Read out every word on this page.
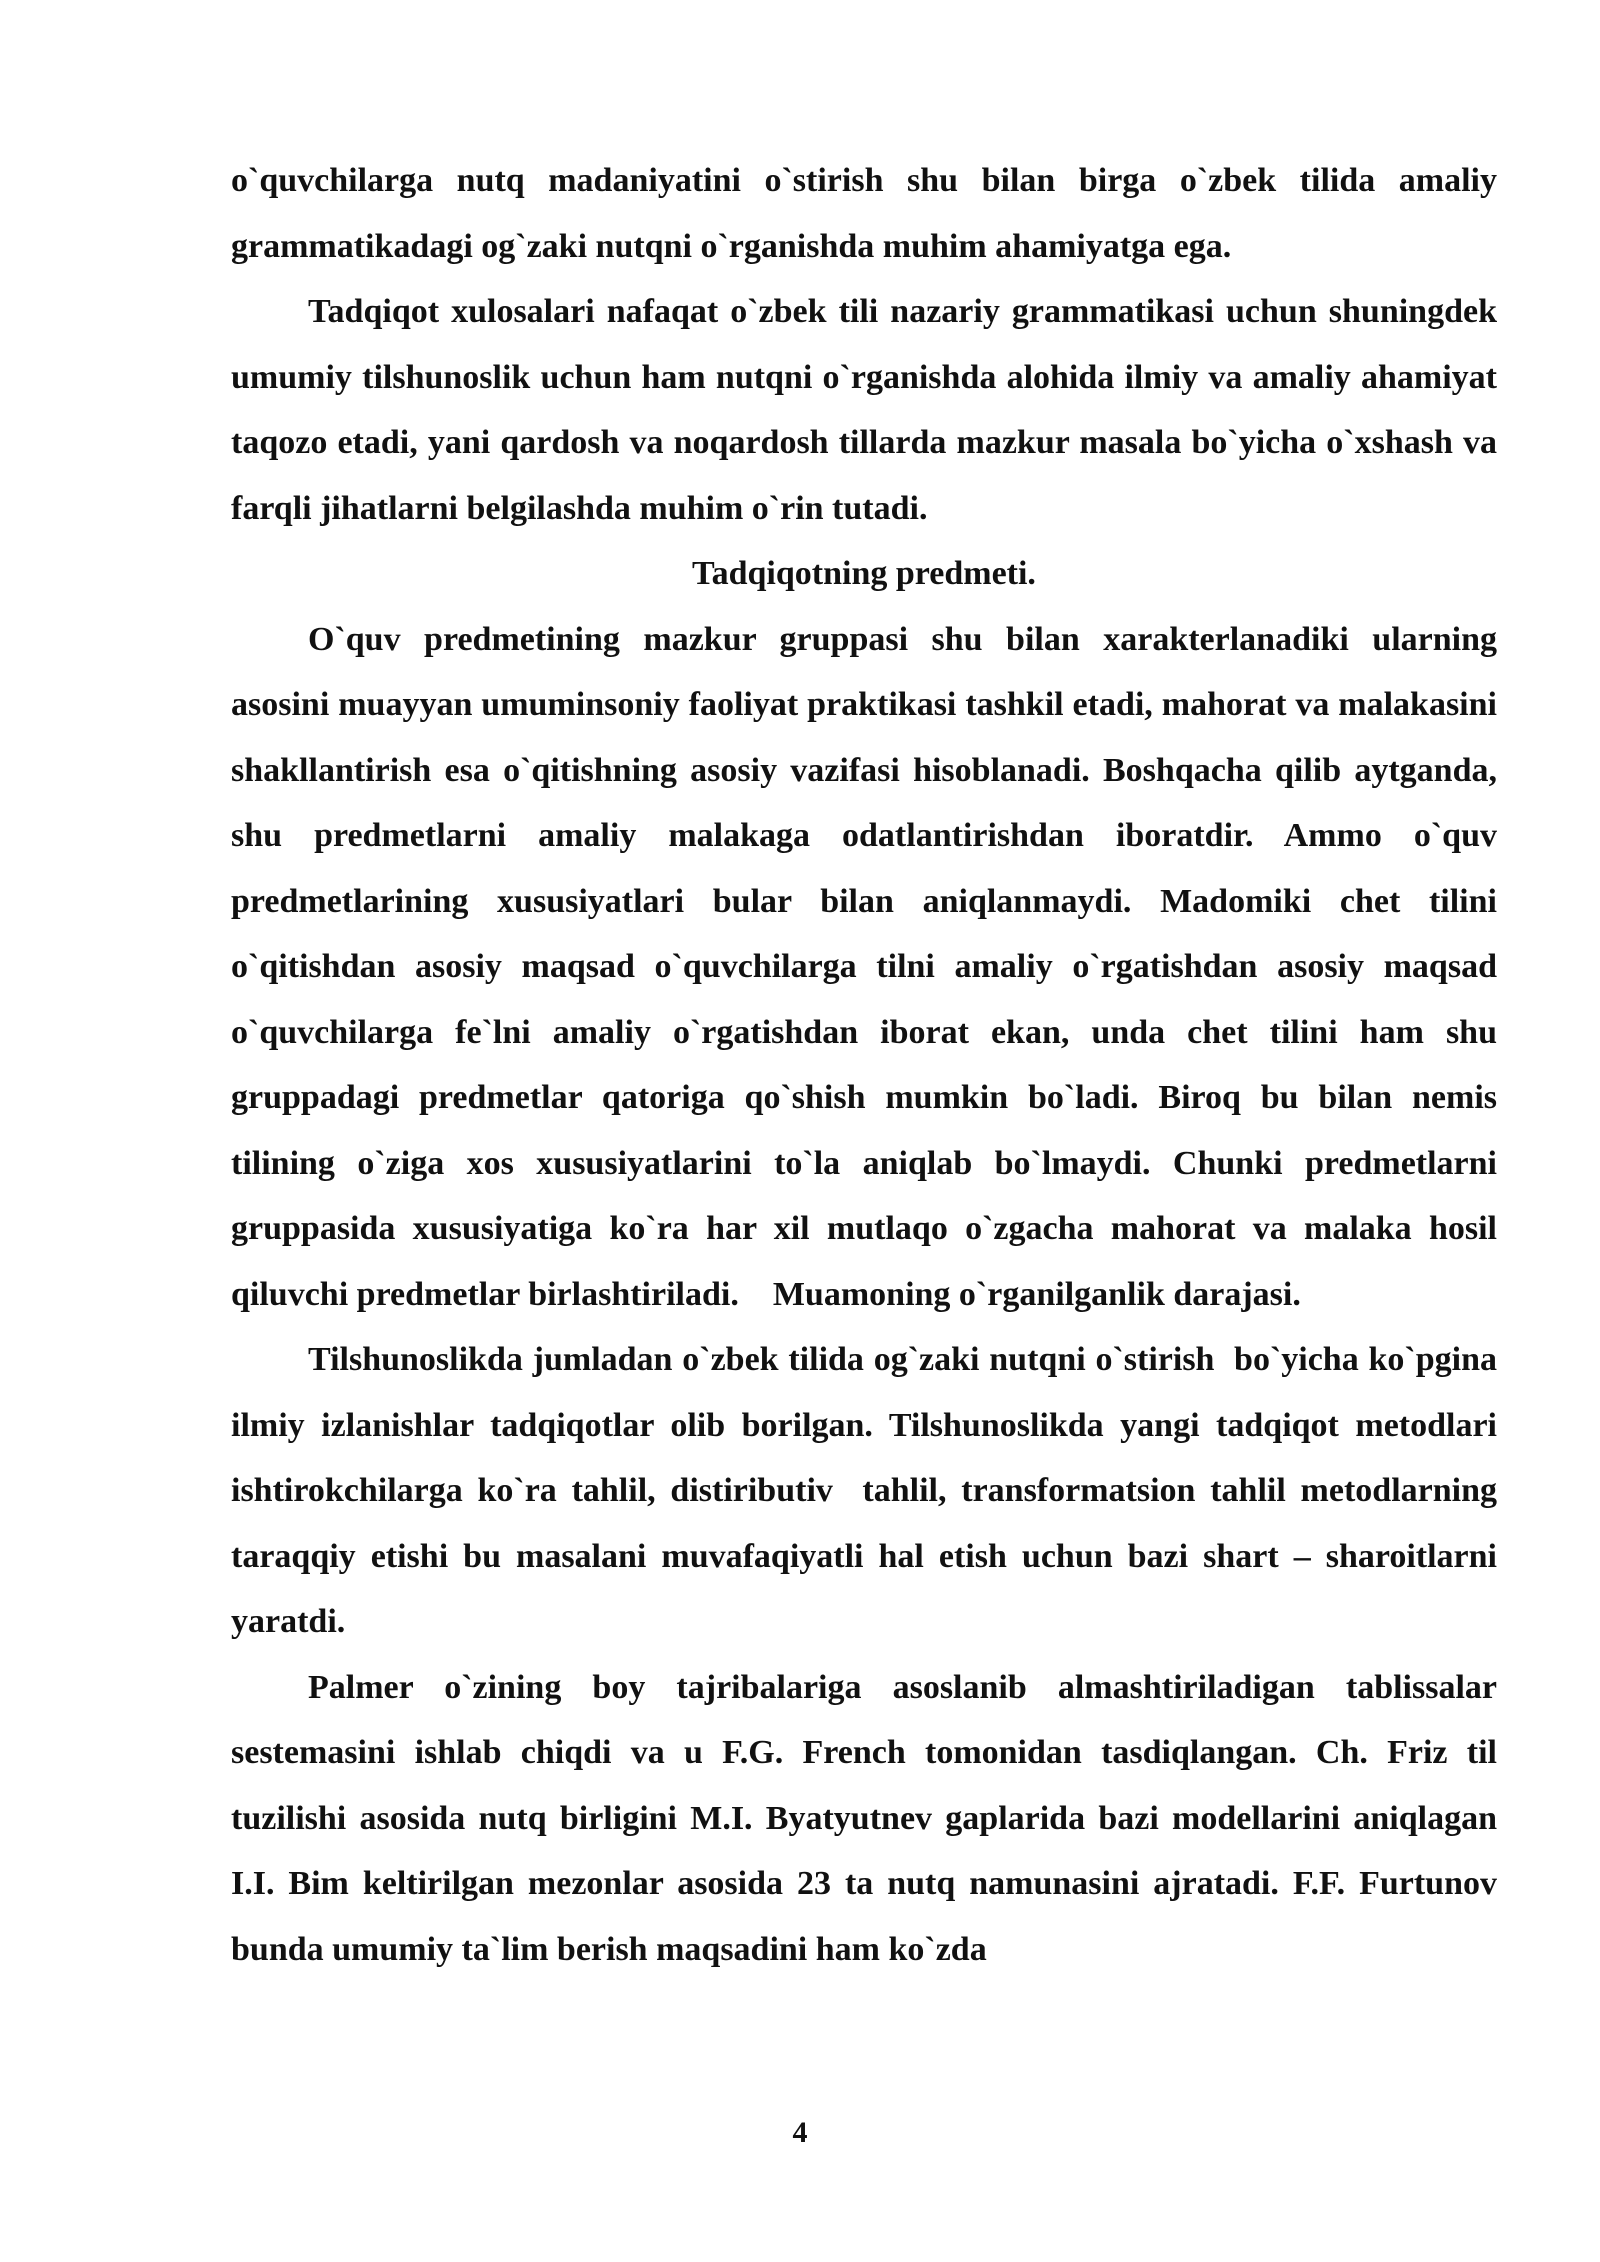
o`quvchilarga nutq madaniyatini o`stirish shu bilan birga o`zbek tilida amaliy grammatikadagi og`zaki nutqni o`rganishda muhim ahamiyatga ega.

Tadqiqot xulosalari nafaqat o`zbek tili nazariy grammatikasi uchun shuningdek umumiy tilshunoslik uchun ham nutqni o`rganishda alohida ilmiy va amaliy ahamiyat taqozo etadi, yani qardosh va noqardosh tillarda mazkur masala bo`yicha o`xshash va farqli jihatlarni belgilashda muhim o`rin tutadi.

Tadqiqotning predmeti.

O`quv predmetining mazkur gruppasi shu bilan xarakterlanadiki ularning asosini muayyan umuminsoniy faoliyat praktikasi tashkil etadi, mahorat va malakasini shakllantirish esa o`qitishning asosiy vazifasi hisoblanadi. Boshqacha qilib aytganda, shu predmetlarni amaliy malakaga odatlantirishdan iboratdir. Ammo o`quv predmetlarining xususiyatlari bular bilan aniqlanmaydi. Madomiki chet tilini o`qitishdan asosiy maqsad o`quvchilarga tilni amaliy o`rgatishdan asosiy maqsad o`quvchilarga fe`lni amaliy o`rgatishdan iborat ekan, unda chet tilini ham shu gruppadagi predmetlar qatoriga qo`shish mumkin bo`ladi. Biroq bu bilan nemis tilining o`ziga xos xususiyatlarini to`la aniqlab bo`lmaydi. Chunki predmetlarni gruppasida xususiyatiga ko`ra har xil mutlaqo o`zgacha mahorat va malaka hosil qiluvchi predmetlar birlashtiriladi.    Muamoning o`rganilganlik darajasi.

Tilshunoslikda jumladan o`zbek tilida og`zaki nutqni o`stirish  bo`yicha ko`pgina ilmiy izlanishlar tadqiqotlar olib borilgan. Tilshunoslikda yangi tadqiqot metodlari ishtirokchilarga ko`ra tahlil, distiributiv  tahlil, transformatsion tahlil metodlarning taraqqiy etishi bu masalani muvafaqiyatli hal etish uchun bazi shart – sharoitlarni yaratdi.

Palmer o`zining boy tajribalariga asoslanib almashtiriladigan tablissalar sestemasini ishlab chiqdi va u F.G. French tomonidan tasdiqlangan. Ch. Friz til tuzilishi asosida nutq birligini M.I. Byatyutnev gaplarida bazi modellarini aniqlagan I.I. Bim keltirilgan mezonlar asosida 23 ta nutq namunasini ajratadi. F.F. Furtunov bunda umumiy ta`lim berish maqsadini ham ko`zda

4
